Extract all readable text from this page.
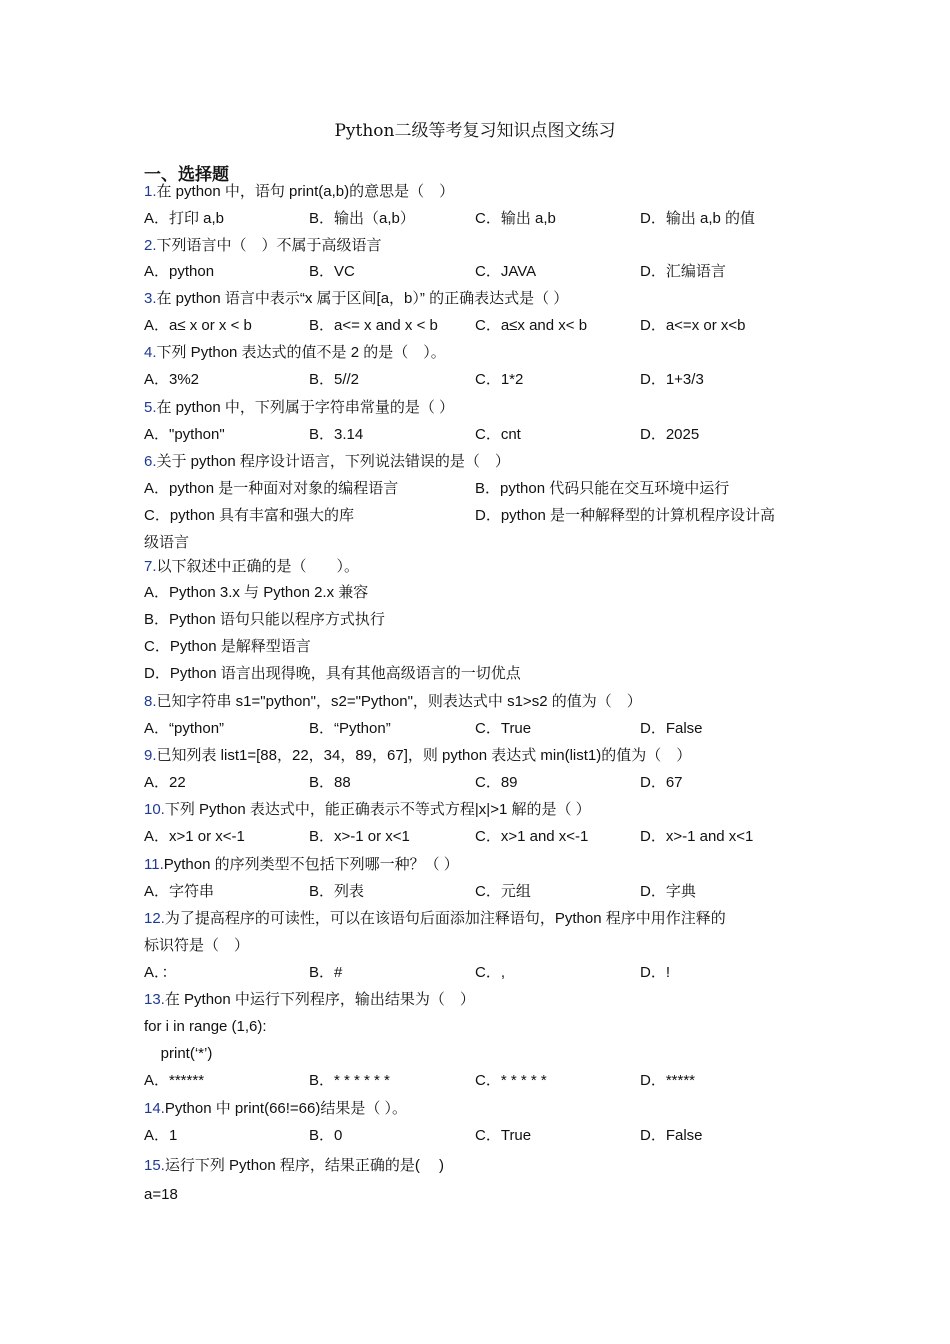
Python二级等考复习知识点图文练习
一、选择题
1.在 python 中，语句 print(a,b)的意思是（　）
A．打印 a,b	B．输出（a,b）	C．输出 a,b	D．输出 a,b 的值
2.下列语言中（　）不属于高级语言
A．python	B．VC	C．JAVA	D．汇编语言
3.在 python 语言中表示“x 属于区间[a，b）” 的正确表达式是（ ）
A．a≤ x or x < b	B．a<= x and x < b C．a≤x and x< b	D．a<=x or x<b
4.下列 Python 表达式的值不是 2 的是（　）。
A．3%2	B．5//2	C．1*2	D．1+3/3
5.在 python 中，下列属于字符串常量的是（ ）
A．"python"	B．3.14	C．cnt	D．2025
6.关于 python 程序设计语言，下列说法错误的是（　）
A．python 是一种面对对象的编程语言	B．python 代码只能在交互环境中运行
C．python 具有丰富和强大的库	D．python 是一种解释型的计算机程序设计高
级语言
7.以下叙述中正确的是（　　）。
A．Python 3.x 与 Python 2.x 兼容
B．Python 语句只能以程序方式执行
C．Python 是解释型语言
D．Python 语言出现得晚，具有其他高级语言的一切优点
8.已知字符串 s1="python"，s2="Python"，则表达式中 s1>s2 的值为（　）
A．“python”	B．“Python”	C．True	D．False
9.已知列表 list1=[88，22，34，89，67]，则 python 表达式 min(list1)的值为（　）
A．22	B．88	C．89	D．67
10.下列 Python 表达式中，能正确表示不等式方程|x|>1 解的是（ ）
A．x>1 or x<-1	B．x>-1 or x<1	C．x>1 and x<-1	D．x>-1 and x<1
11.Python 的序列类型不包括下列哪一种？（ ）
A．字符串	B．列表	C．元组	D．字典
12.为了提高程序的可读性，可以在该语句后面添加注释语句，Python 程序中用作注释的
标识符是（　）
A．：	B．#	C．,	D．!
13.在 Python 中运行下列程序，输出结果为（　）
for i in range (1,6):
print(‘*’)
A．******	B．* * * * * *	C．* * * * *	D．*****
14.Python 中 print(66!=66)结果是（ ）。
A．1	B．0	C．True	D．False
15.运行下列 Python 程序，结果正确的是(　 )
a=18
